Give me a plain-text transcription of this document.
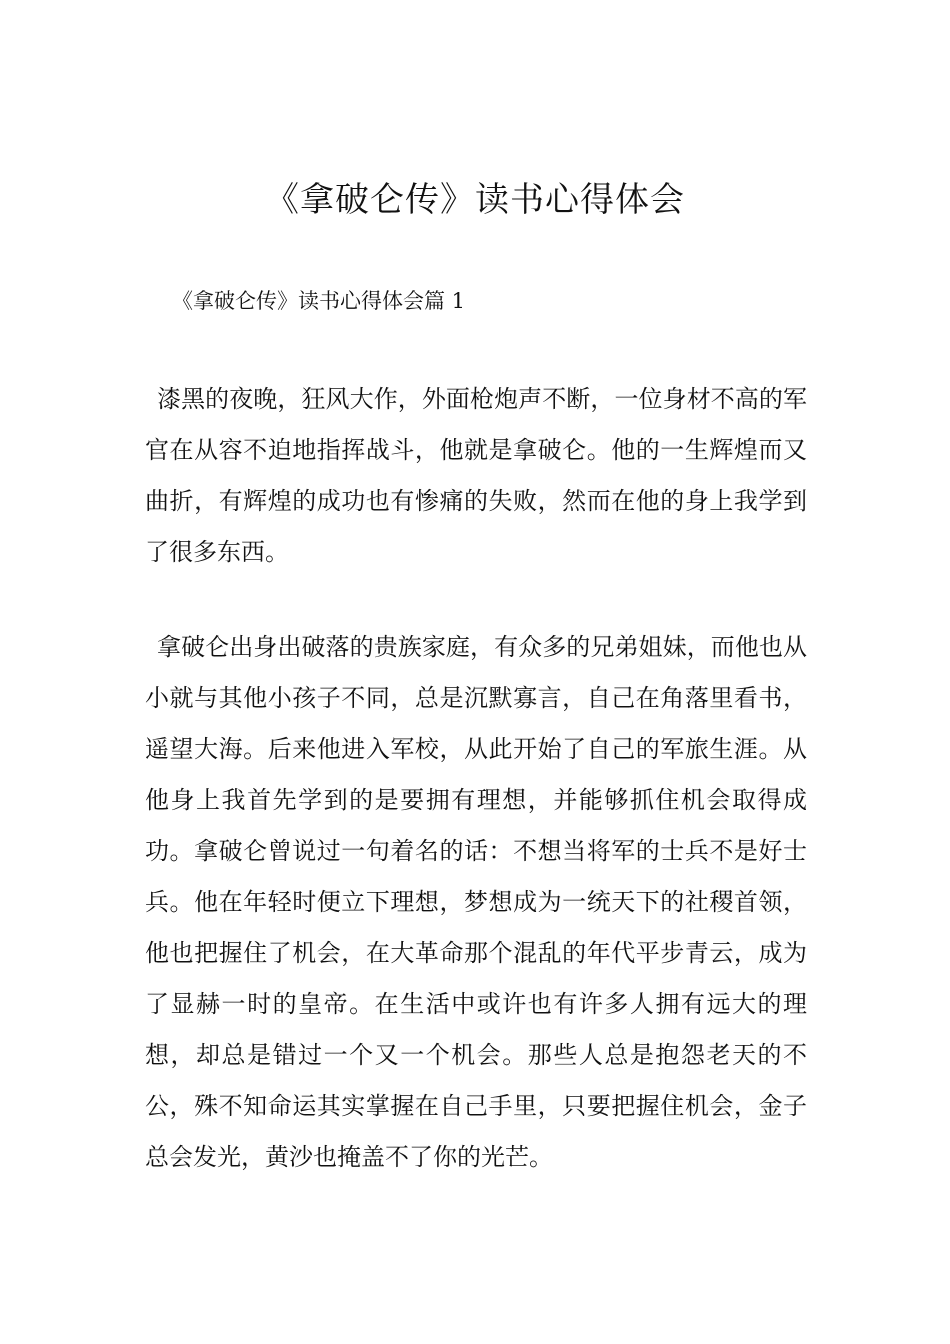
《拿破仑传》读书心得体会

《拿破仑传》读书心得体会篇 1

漆黑的夜晚，狂风大作，外面枪炮声不断，一位身材不高的军官在从容不迫地指挥战斗，他就是拿破仑。他的一生辉煌而又曲折，有辉煌的成功也有惨痛的失败，然而在他的身上我学到了很多东西。

拿破仑出身出破落的贵族家庭，有众多的兄弟姐妹，而他也从小就与其他小孩子不同，总是沉默寡言，自己在角落里看书，遥望大海。后来他进入军校，从此开始了自己的军旅生涯。从他身上我首先学到的是要拥有理想，并能够抓住机会取得成功。拿破仑曾说过一句着名的话：不想当将军的士兵不是好士兵。他在年轻时便立下理想，梦想成为一统天下的社稷首领，他也把握住了机会，在大革命那个混乱的年代平步青云，成为了显赫一时的皇帝。在生活中或许也有许多人拥有远大的理想，却总是错过一个又一个机会。那些人总是抱怨老天的不公，殊不知命运其实掌握在自己手里，只要把握住机会，金子总会发光，黄沙也掩盖不了你的光芒。
